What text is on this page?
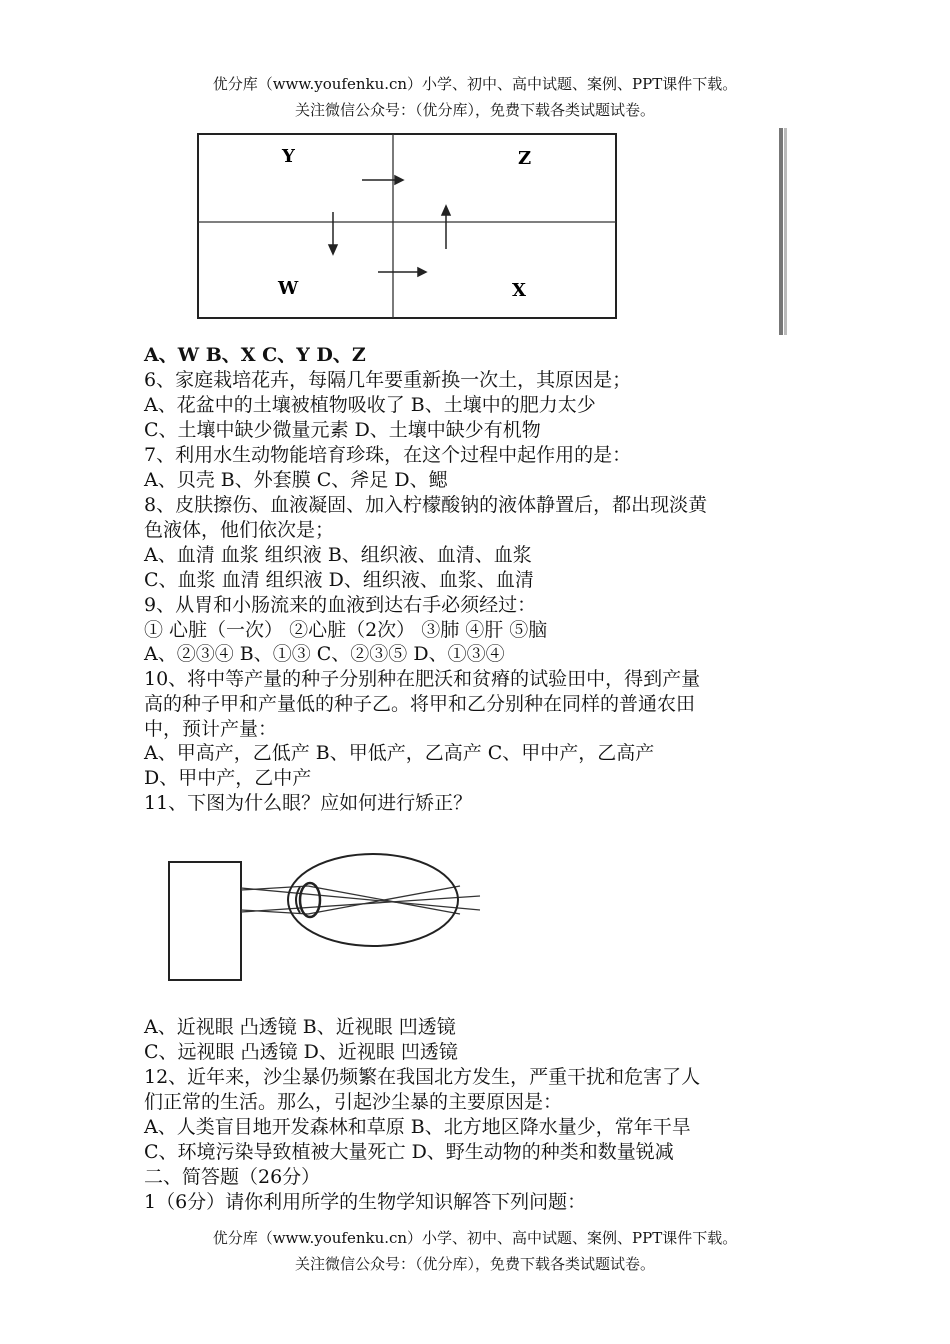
优分库（www.youfenku.cn）小学、初中、高中试题、案例、PPT课件下载。
关注微信公众号：（优分库），免费下载各类试题试卷。
Y	Z
W	X
A、W B、X C、Y D、Z
6、家庭栽培花卉，每隔几年要重新换一次土，其原因是；
A、花盆中的土壤被植物吸收了 B、土壤中的肥力太少
C、土壤中缺少微量元素 D、土壤中缺少有机物
7、利用水生动物能培育珍珠，在这个过程中起作用的是：
A、贝壳 B、外套膜 C、斧足 D、鳃
8、皮肤擦伤、血液凝固、加入柠檬酸钠的液体静置后，都出现淡黄
色液体，他们依次是；
A、血清 血浆 组织液 B、组织液、血清、血浆
C、血浆 血清 组织液 D、组织液、血浆、血清
9、从胃和小肠流来的血液到达右手必须经过：
① 心脏（一次） ②心脏（2次） ③肺 ④肝 ⑤脑
A、②③④ B、①③ C、②③⑤ D、①③④
10、将中等产量的种子分别种在肥沃和贫瘠的试验田中，得到产量
高的种子甲和产量低的种子乙。将甲和乙分别种在同样的普通农田
中，预计产量：
A、甲高产，乙低产 B、甲低产，乙高产 C、甲中产，乙高产
D、甲中产，乙中产
11、下图为什么眼？应如何进行矫正？
A、近视眼 凸透镜 B、近视眼 凹透镜
C、远视眼 凸透镜 D、近视眼 凹透镜
12、近年来，沙尘暴仍频繁在我国北方发生，严重干扰和危害了人
们正常的生活。那么，引起沙尘暴的主要原因是：
A、人类盲目地开发森林和草原 B、北方地区降水量少，常年干旱
C、环境污染导致植被大量死亡 D、野生动物的种类和数量锐减
二、简答题（26分）
1（6分）请你利用所学的生物学知识解答下列问题：
优分库（www.youfenku.cn）小学、初中、高中试题、案例、PPT课件下载。
关注微信公众号：（优分库），免费下载各类试题试卷。
